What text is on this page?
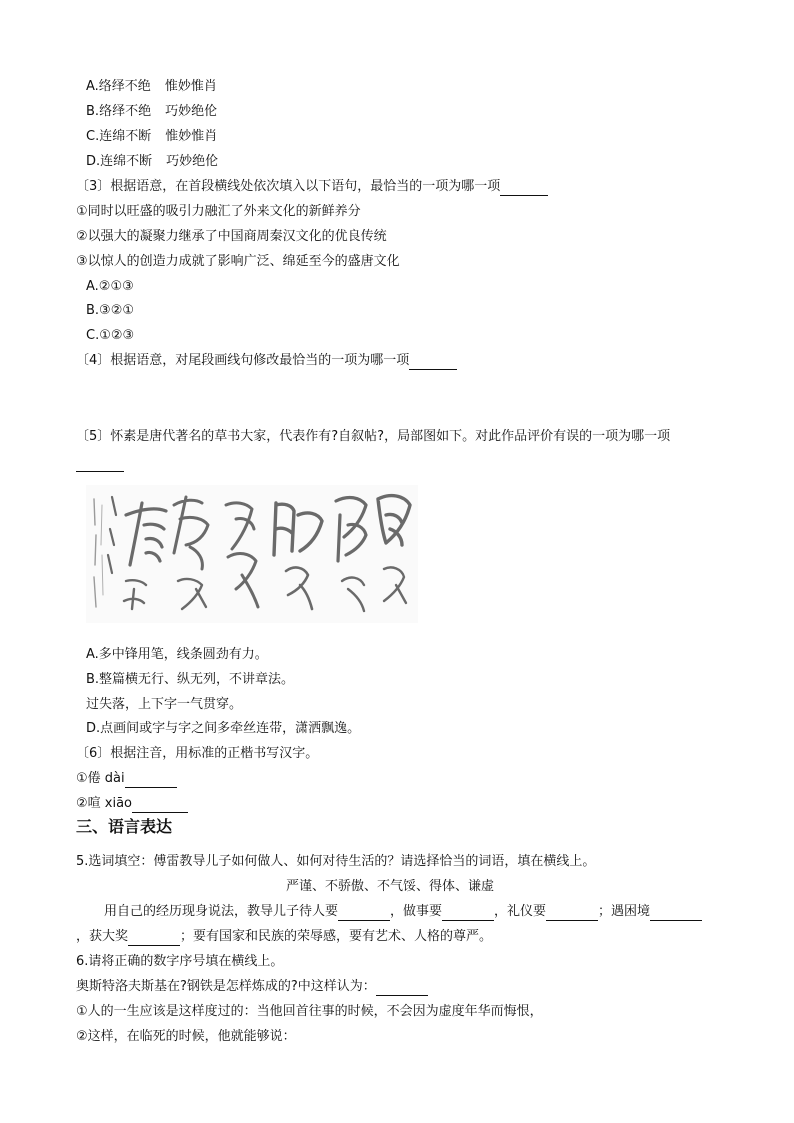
A.络绎不绝 惟妙惟肖
B.络绎不绝 巧妙绝伦
C.连绵不断 惟妙惟肖
D.连绵不断 巧妙绝伦
〔3〕根据语意，在首段横线处依次填入以下语句，最恰当的一项为哪一项
①同时以旺盛的吸引力融汇了外来文化的新鲜养分
②以强大的凝聚力继承了中国商周秦汉文化的优良传统
③以惊人的创造力成就了影响广泛、绵延至今的盛唐文化
A.②①③
B.③②①
C.①②③
〔4〕根据语意，对尾段画线句修改最恰当的一项为哪一项
〔5〕怀素是唐代著名的草书大家，代表作有?自叙帖?，局部图如下。对此作品评价有误的一项为哪一项
A.多中锋用笔，线条圆劲有力。
B.整篇横无行、纵无列，不讲章法。
过失落，上下字一气贯穿。
D.点画间或字与字之间多牵丝连带，潇洒飘逸。
〔6〕根据注音，用标准的正楷书写汉字。
①倦 dài
②喧 xiāo
三、语言表达
5.选词填空：傅雷教导儿子如何做人、如何对待生活的？请选择恰当的词语，填在横线上。
严谨、不骄傲、不气馁、得体、谦虚
用自己的经历现身说法，教导儿子待人要	，做事要	，礼仪要	；遇困境
，获大奖	；要有国家和民族的荣辱感，要有艺术、人格的尊严。
6.请将正确的数字序号填在横线上。
奥斯特洛夫斯基在?钢铁是怎样炼成的?中这样认为：
①人的一生应该是这样度过的：当他回首往事的时候，不会因为虚度年华而悔恨，
②这样，在临死的时候，他就能够说：
